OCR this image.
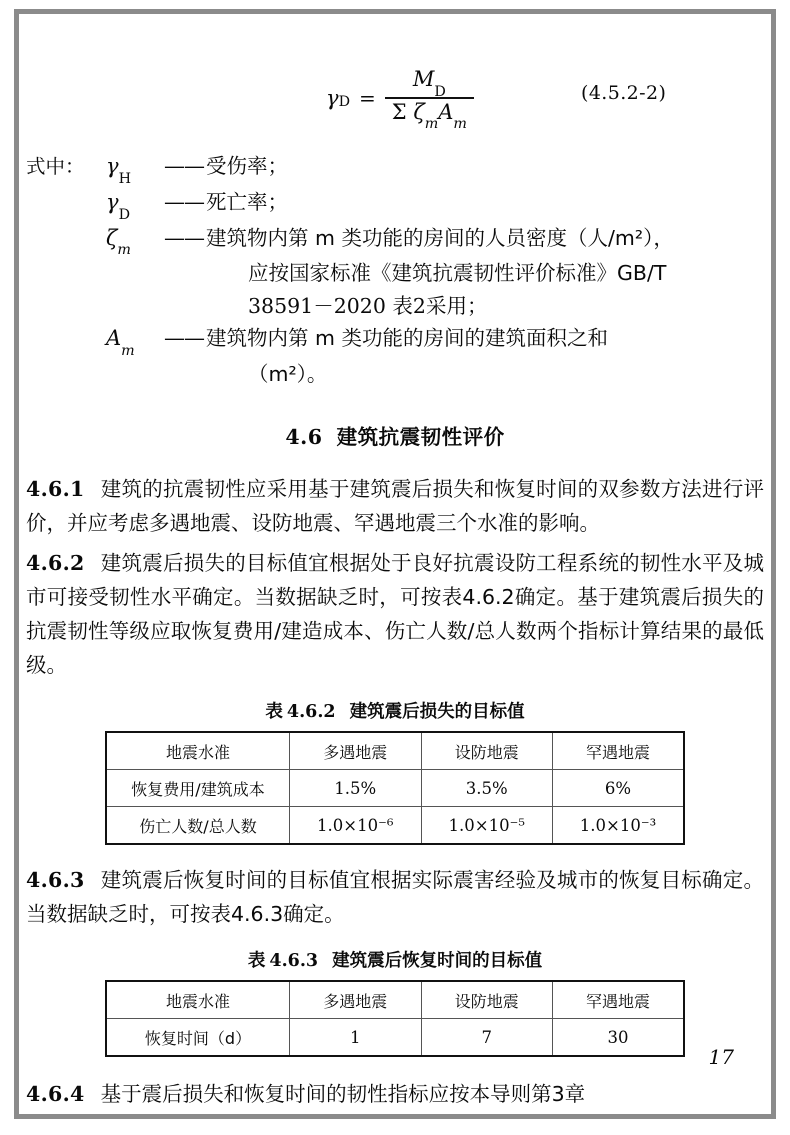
γ $D = \frac{M_D}{\Sigma \zeta_mA_m}$	(4.5.2-2)
式中：	$\gamma_H$
—— 受伤率；
$\gamma_D$
—— 死亡率；
$\zeta_m$
—— 建筑物内第 m 类功能的房间的人员密度（人/m²），
应按国家标准《建筑抗震韧性评价标准》GB/T
38591－2020 表2采用；
$A_m$
—— 建筑物内第 m 类功能的房间的建筑面积之和
（m²）。
4.6 建筑抗震韧性评价

4.6.1 建筑的抗震韧性应采用基于建筑震后损失和恢复时间的双参数方法进行评价，并应考虑多遇地震、设防地震、罕遇地震三个水准的影响。

4.6.2 建筑震后损失的目标值宜根据处于良好抗震设防工程系统的韧性水平及城市可接受韧性水平确定。当数据缺乏时，可按表4.6.2确定。基于建筑震后损失的抗震韧性等级应取恢复费用/建造成本、伤亡人数/总人数两个指标计算结果的最低级。

表 4.6.2 建筑震后损失的目标值
地震水准	多遇地震	设防地震	罕遇地震
恢复费用/建筑成本	1.5%	3.5%	6%
伤亡人数/总人数	1.0×10⁻⁶	1.0×10⁻⁵	1.0×10⁻³

4.6.3 建筑震后恢复时间的目标值宜根据实际震害经验及城市的恢复目标确定。当数据缺乏时，可按表4.6.3确定。

表 4.6.3 建筑震后恢复时间的目标值
地震水准	多遇地震	设防地震	罕遇地震
恢复时间（d）	1	7	30

4.6.4 基于震后损失和恢复时间的韧性指标应按本导则第3章

17
